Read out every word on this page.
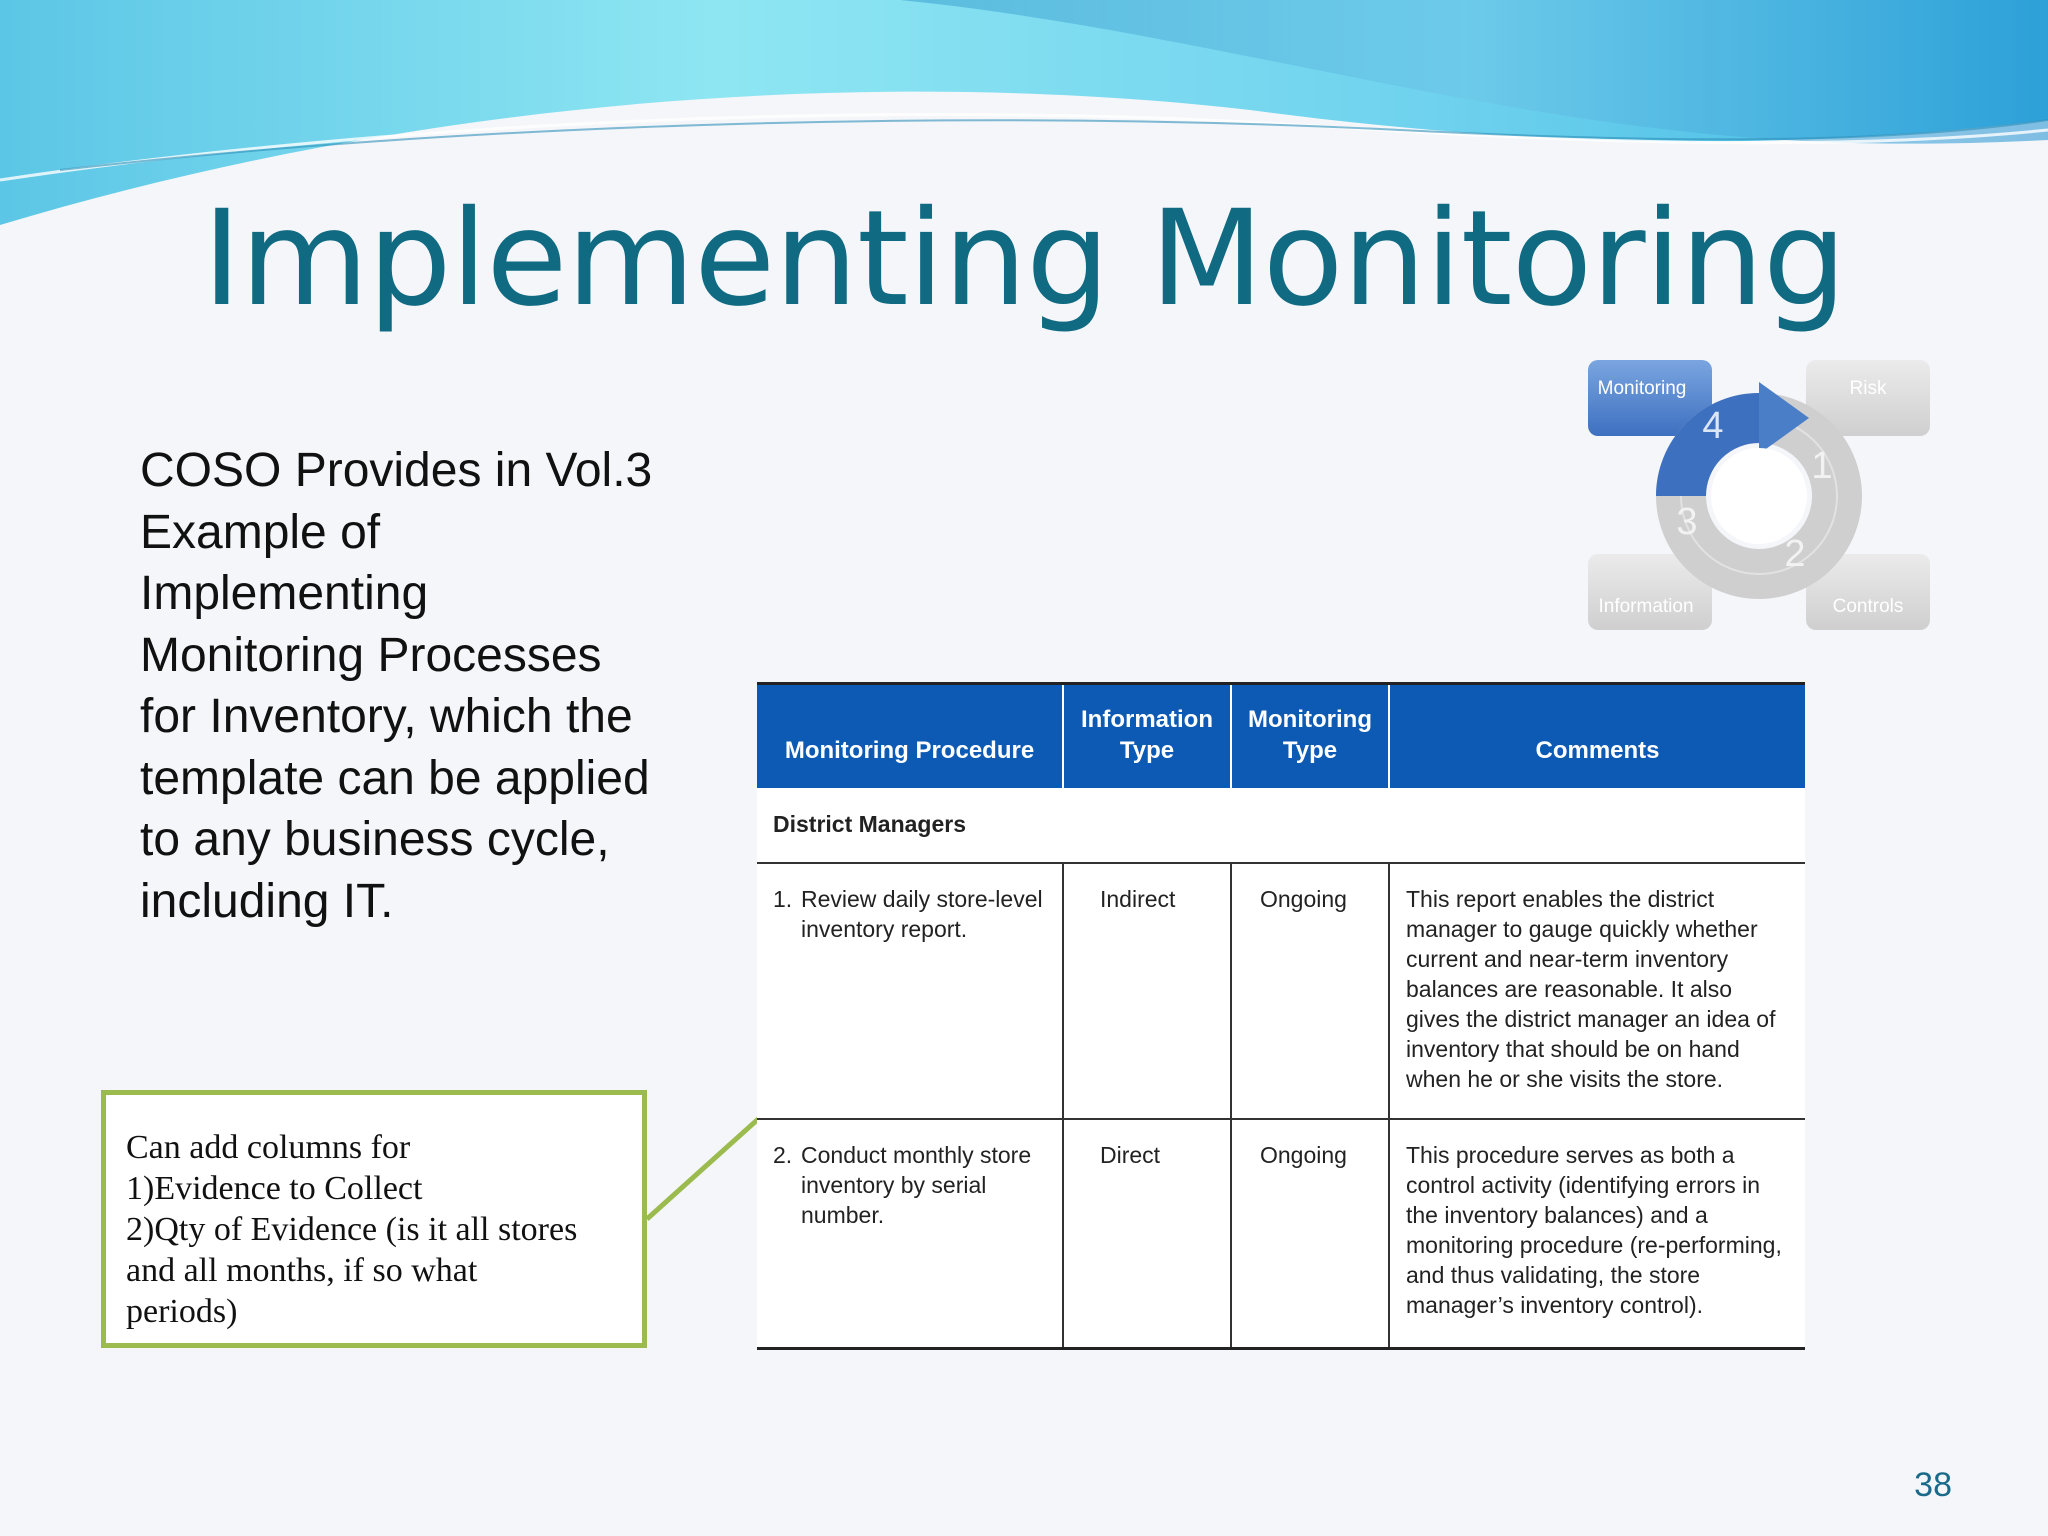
Implementing Monitoring
COSO Provides in Vol.3 Example of Implementing Monitoring Processes for Inventory, which the template can be applied to any business cycle, including IT.
Monitoring	Risk
Information	Controls
4
1
3
2
Can add columns for
1)Evidence to Collect
2)Qty of Evidence (is it all stores
and all months, if so what
periods)
Monitoring Procedure	Information Type	Monitoring Type	Comments
District Managers			

1. Review daily store-level inventory report.	Indirect	Ongoing	This report enables the district manager to gauge quickly whether current and near-term inventory balances are reasonable. It also gives the district manager an idea of inventory that should be on hand when he or she visits the store.

2. Conduct monthly store inventory by serial number.	Direct	Ongoing	This procedure serves as both a control activity (identifying errors in the inventory balances) and a monitoring procedure (re-performing, and thus validating, the store manager’s inventory control).
38
